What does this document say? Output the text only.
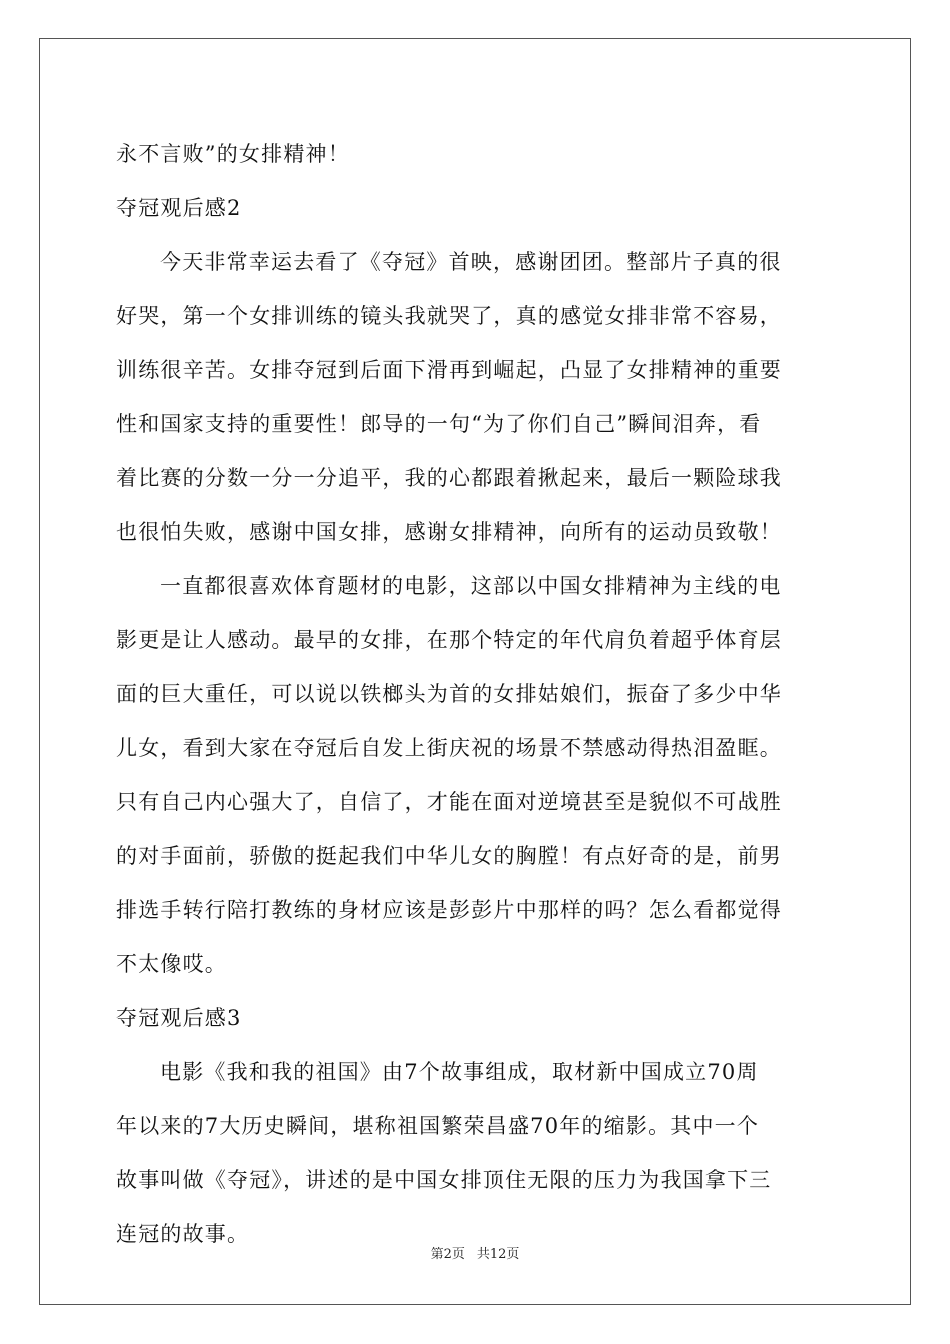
永不言败”的女排精神！
夺冠观后感2
今天非常幸运去看了《夺冠》首映，感谢团团。整部片子真的很
好哭，第一个女排训练的镜头我就哭了，真的感觉女排非常不容易，
训练很辛苦。女排夺冠到后面下滑再到崛起，凸显了女排精神的重要
性和国家支持的重要性！郎导的一句“为了你们自己”瞬间泪奔，看
着比赛的分数一分一分追平，我的心都跟着揪起来，最后一颗险球我
也很怕失败，感谢中国女排，感谢女排精神，向所有的运动员致敬！
一直都很喜欢体育题材的电影，这部以中国女排精神为主线的电
影更是让人感动。最早的女排，在那个特定的年代肩负着超乎体育层
面的巨大重任，可以说以铁榔头为首的女排姑娘们，振奋了多少中华
儿女，看到大家在夺冠后自发上街庆祝的场景不禁感动得热泪盈眶。
只有自己内心强大了，自信了，才能在面对逆境甚至是貌似不可战胜
的对手面前，骄傲的挺起我们中华儿女的胸膛！有点好奇的是，前男
排选手转行陪打教练的身材应该是彭彭片中那样的吗？怎么看都觉得
不太像哎。
夺冠观后感3
电影《我和我的祖国》由7个故事组成，取材新中国成立70周
年以来的7大历史瞬间，堪称祖国繁荣昌盛70年的缩影。其中一个
故事叫做《夺冠》，讲述的是中国女排顶住无限的压力为我国拿下三
连冠的故事。
第2页 共12页
